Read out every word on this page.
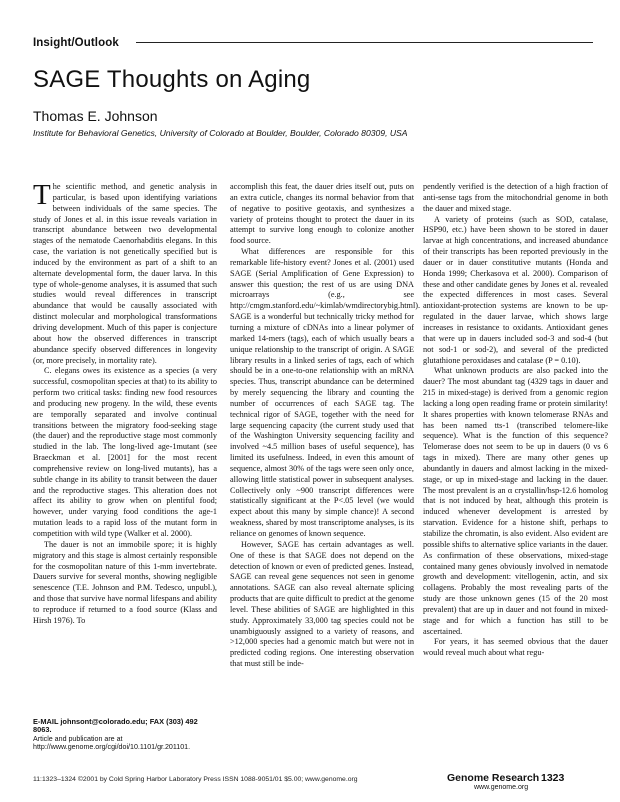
Insight/Outlook
SAGE Thoughts on Aging
Thomas E. Johnson
Institute for Behavioral Genetics, University of Colorado at Boulder, Boulder, Colorado 80309, USA

The scientific method, and genetic analysis in particular, is based upon identifying variations between individuals of the same species. The study of Jones et al. in this issue reveals variation in transcript abundance between two developmental stages of the nematode Caenorhabditis elegans. In this case, the variation is not genetically specified but is induced by the environment as part of a shift to an alternate developmental form, the dauer larva. In this type of whole-genome analyses, it is assumed that such studies would reveal differences in transcript abundance that would be causally associated with distinct molecular and morphological transformations driving development. Much of this paper is conjecture about how the observed differences in transcript abundance specify observed differences in longevity (or, more precisely, in mortality rate).

C. elegans owes its existence as a species (a very successful, cosmopolitan species at that) to its ability to perform two critical tasks: finding new food resources and producing new progeny. In the wild, these events are temporally separated and involve continual transitions between the migratory food-seeking stage (the dauer) and the reproductive stage most commonly studied in the lab. The long-lived age-1mutant (see Braeckman et al. [2001] for the most recent comprehensive review on long-lived mutants), has a subtle change in its ability to transit between the dauer and the reproductive stages. This alteration does not affect its ability to grow when on plentiful food; however, under varying food conditions the age-1 mutation leads to a rapid loss of the mutant form in competition with wild type (Walker et al. 2000).

The dauer is not an immobile spore; it is highly migratory and this stage is almost certainly responsible for the cosmopolitan nature of this 1-mm invertebrate. Dauers survive for several months, showing negligible senescence (T.E. Johnson and P.M. Tedesco, unpubl.), and those that survive have normal lifespans and ability to reproduce if returned to a food source (Klass and Hirsh 1976). To

accomplish this feat, the dauer dries itself out, puts on an extra cuticle, changes its normal behavior from that of negative to positive geotaxis, and synthesizes a variety of proteins thought to protect the dauer in its attempt to survive long enough to colonize another food source.

What differences are responsible for this remarkable life-history event? Jones et al. (2001) used SAGE (Serial Amplification of Gene Expression) to answer this question; the rest of us are using DNA microarrays (e.g., see http://cmgm.stanford.edu/~kimlab/wmdirectorybig.html). SAGE is a wonderful but technically tricky method for turning a mixture of cDNAs into a linear polymer of marked 14-mers (tags), each of which usually bears a unique relationship to the transcript of origin. A SAGE library results in a linked series of tags, each of which should be in a one-to-one relationship with an mRNA species. Thus, transcript abundance can be determined by merely sequencing the library and counting the number of occurrences of each SAGE tag. The technical rigor of SAGE, together with the need for large sequencing capacity (the current study used that of the Washington University sequencing facility and involved ~4.5 million bases of useful sequence), has limited its usefulness. Indeed, in even this amount of sequence, almost 30% of the tags were seen only once, allowing little statistical power in subsequent analyses. Collectively only ~900 transcript differences were statistically significant at the P<.05 level (we would expect about this many by simple chance)! A second weakness, shared by most transcriptome analyses, is its reliance on genomes of known sequence.

However, SAGE has certain advantages as well. One of these is that SAGE does not depend on the detection of known or even of predicted genes. Instead, SAGE can reveal gene sequences not seen in genome annotations. SAGE can also reveal alternate splicing products that are quite difficult to predict at the genome level. These abilities of SAGE are highlighted in this study. Approximately 33,000 tag species could not be unambiguously assigned to a variety of reasons, and >12,000 species had a genomic match but were not in predicted coding regions. One interesting observation that must still be inde-

pendently verified is the detection of a high fraction of anti-sense tags from the mitochondrial genome in both the dauer and mixed stage.

A variety of proteins (such as SOD, catalase, HSP90, etc.) have been shown to be stored in dauer larvae at high concentrations, and increased abundance of their transcripts has been reported previously in the dauer or in dauer constitutive mutants (Honda and Honda 1999; Cherkasova et al. 2000). Comparison of these and other candidate genes by Jones et al. revealed the expected differences in most cases. Several antioxidant-protection systems are known to be up-regulated in the dauer larvae, which shows large increases in resistance to oxidants. Antioxidant genes that were up in dauers included sod-3 and sod-4 (but not sod-1 or sod-2), and several of the predicted glutathione peroxidases and catalase (P = 0.10).

What unknown products are also packed into the dauer? The most abundant tag (4329 tags in dauer and 215 in mixed-stage) is derived from a genomic region lacking a long open reading frame or protein similarity! It shares properties with known telomerase RNAs and has been named tts-1 (transcribed telomere-like sequence). What is the function of this sequence? Telomerase does not seem to be up in dauers (0 vs 6 tags in mixed). There are many other genes up abundantly in dauers and almost lacking in the mixed-stage, or up in mixed-stage and lacking in the dauer. The most prevalent is an α crystallin/hsp-12.6 homolog that is not induced by heat, although this protein is induced whenever development is arrested by starvation. Evidence for a histone shift, perhaps to stabilize the chromatin, is also evident. Also evident are possible shifts to alternative splice variants in the dauer. As confirmation of these observations, mixed-stage contained many genes obviously involved in nematode growth and development: vitellogenin, actin, and six collagens. Probably the most revealing parts of the study are those unknown genes (15 of the 20 most prevalent) that are up in dauer and not found in mixed-stage and for which a function has still to be ascertained.

For years, it has seemed obvious that the dauer would reveal much about what regu-

E-MAIL johnsont@colorado.edu; FAX (303) 492 8063.
Article and publication are at http://www.genome.org/cgi/doi/10.1101/gr.201101.
11:1323–1324 ©2001 by Cold Spring Harbor Laboratory Press ISSN 1088-9051/01 $5.00; www.genome.org	Genome Research
www.genome.org
1323
